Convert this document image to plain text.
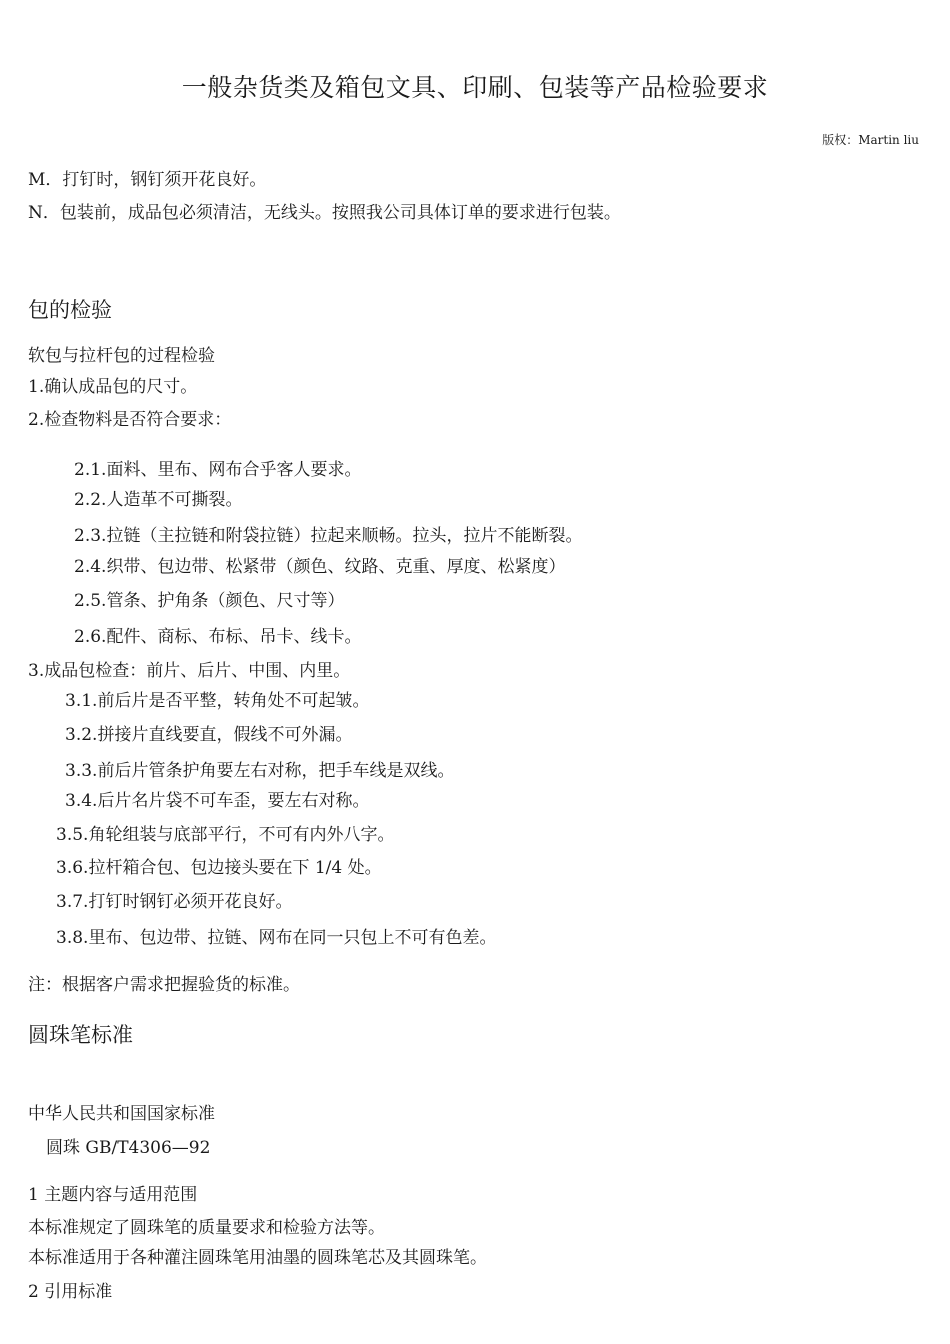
一般杂货类及箱包文具、印刷、包装等产品检验要求
版权：Martin liu
M．打钉时，钢钉须开花良好。
N．包装前，成品包必须清洁，无线头。按照我公司具体订单的要求进行包装。
包的检验
软包与拉杆包的过程检验
1.确认成品包的尺寸。
2.检查物料是否符合要求：
2.1.面料、里布、网布合乎客人要求。
2.2.人造革不可撕裂。
2.3.拉链（主拉链和附袋拉链）拉起来顺畅。拉头，拉片不能断裂。
2.4.织带、包边带、松紧带（颜色、纹路、克重、厚度、松紧度）
2.5.管条、护角条（颜色、尺寸等）
2.6.配件、商标、布标、吊卡、线卡。
3.成品包检查：前片、后片、中围、内里。
3.1.前后片是否平整，转角处不可起皱。
3.2.拼接片直线要直，假线不可外漏。
3.3.前后片管条护角要左右对称，把手车线是双线。
3.4.后片名片袋不可车歪，要左右对称。
3.5.角轮组装与底部平行，不可有内外八字。
3.6.拉杆箱合包、包边接头要在下 1/4 处。
3.7.打钉时钢钉必须开花良好。
3.8.里布、包边带、拉链、网布在同一只包上不可有色差。
注：根据客户需求把握验货的标准。
圆珠笔标准
中华人民共和国国家标准
圆珠 GB/T4306—92
1 主题内容与适用范围
本标准规定了圆珠笔的质量要求和检验方法等。
本标准适用于各种灌注圆珠笔用油墨的圆珠笔芯及其圆珠笔。
2 引用标准
